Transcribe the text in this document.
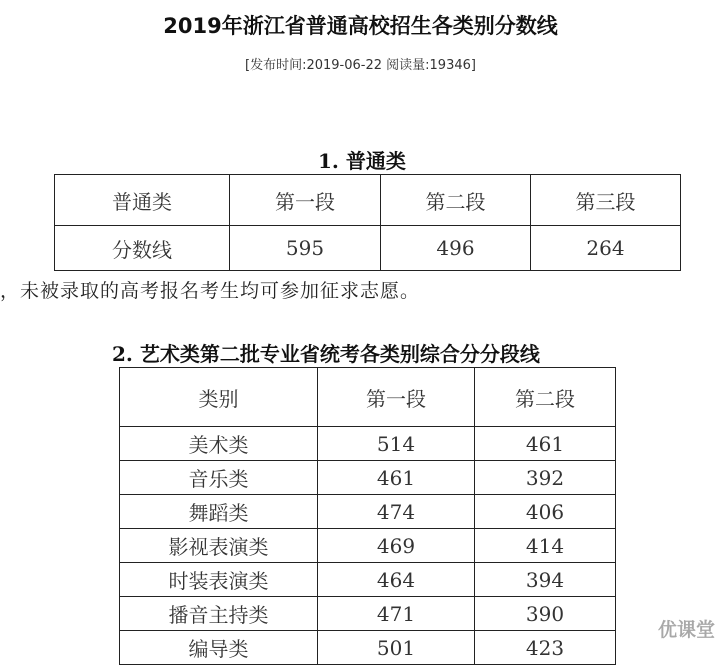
2019年浙江省普通高校招生各类别分数线
[发布时间:2019-06-22 阅读量:19346]
1. 普通类
普通类	第一段	第二段	第三段
分数线	595	496	264
，未被录取的高考报名考生均可参加征求志愿。
2. 艺术类第二批专业省统考各类别综合分分段线
类别	第一段	第二段
美术类	514	461
音乐类	461	392
舞蹈类	474	406
影视表演类	469	414
时装表演类	464	394
播音主持类	471	390
编导类	501	423
优课堂
